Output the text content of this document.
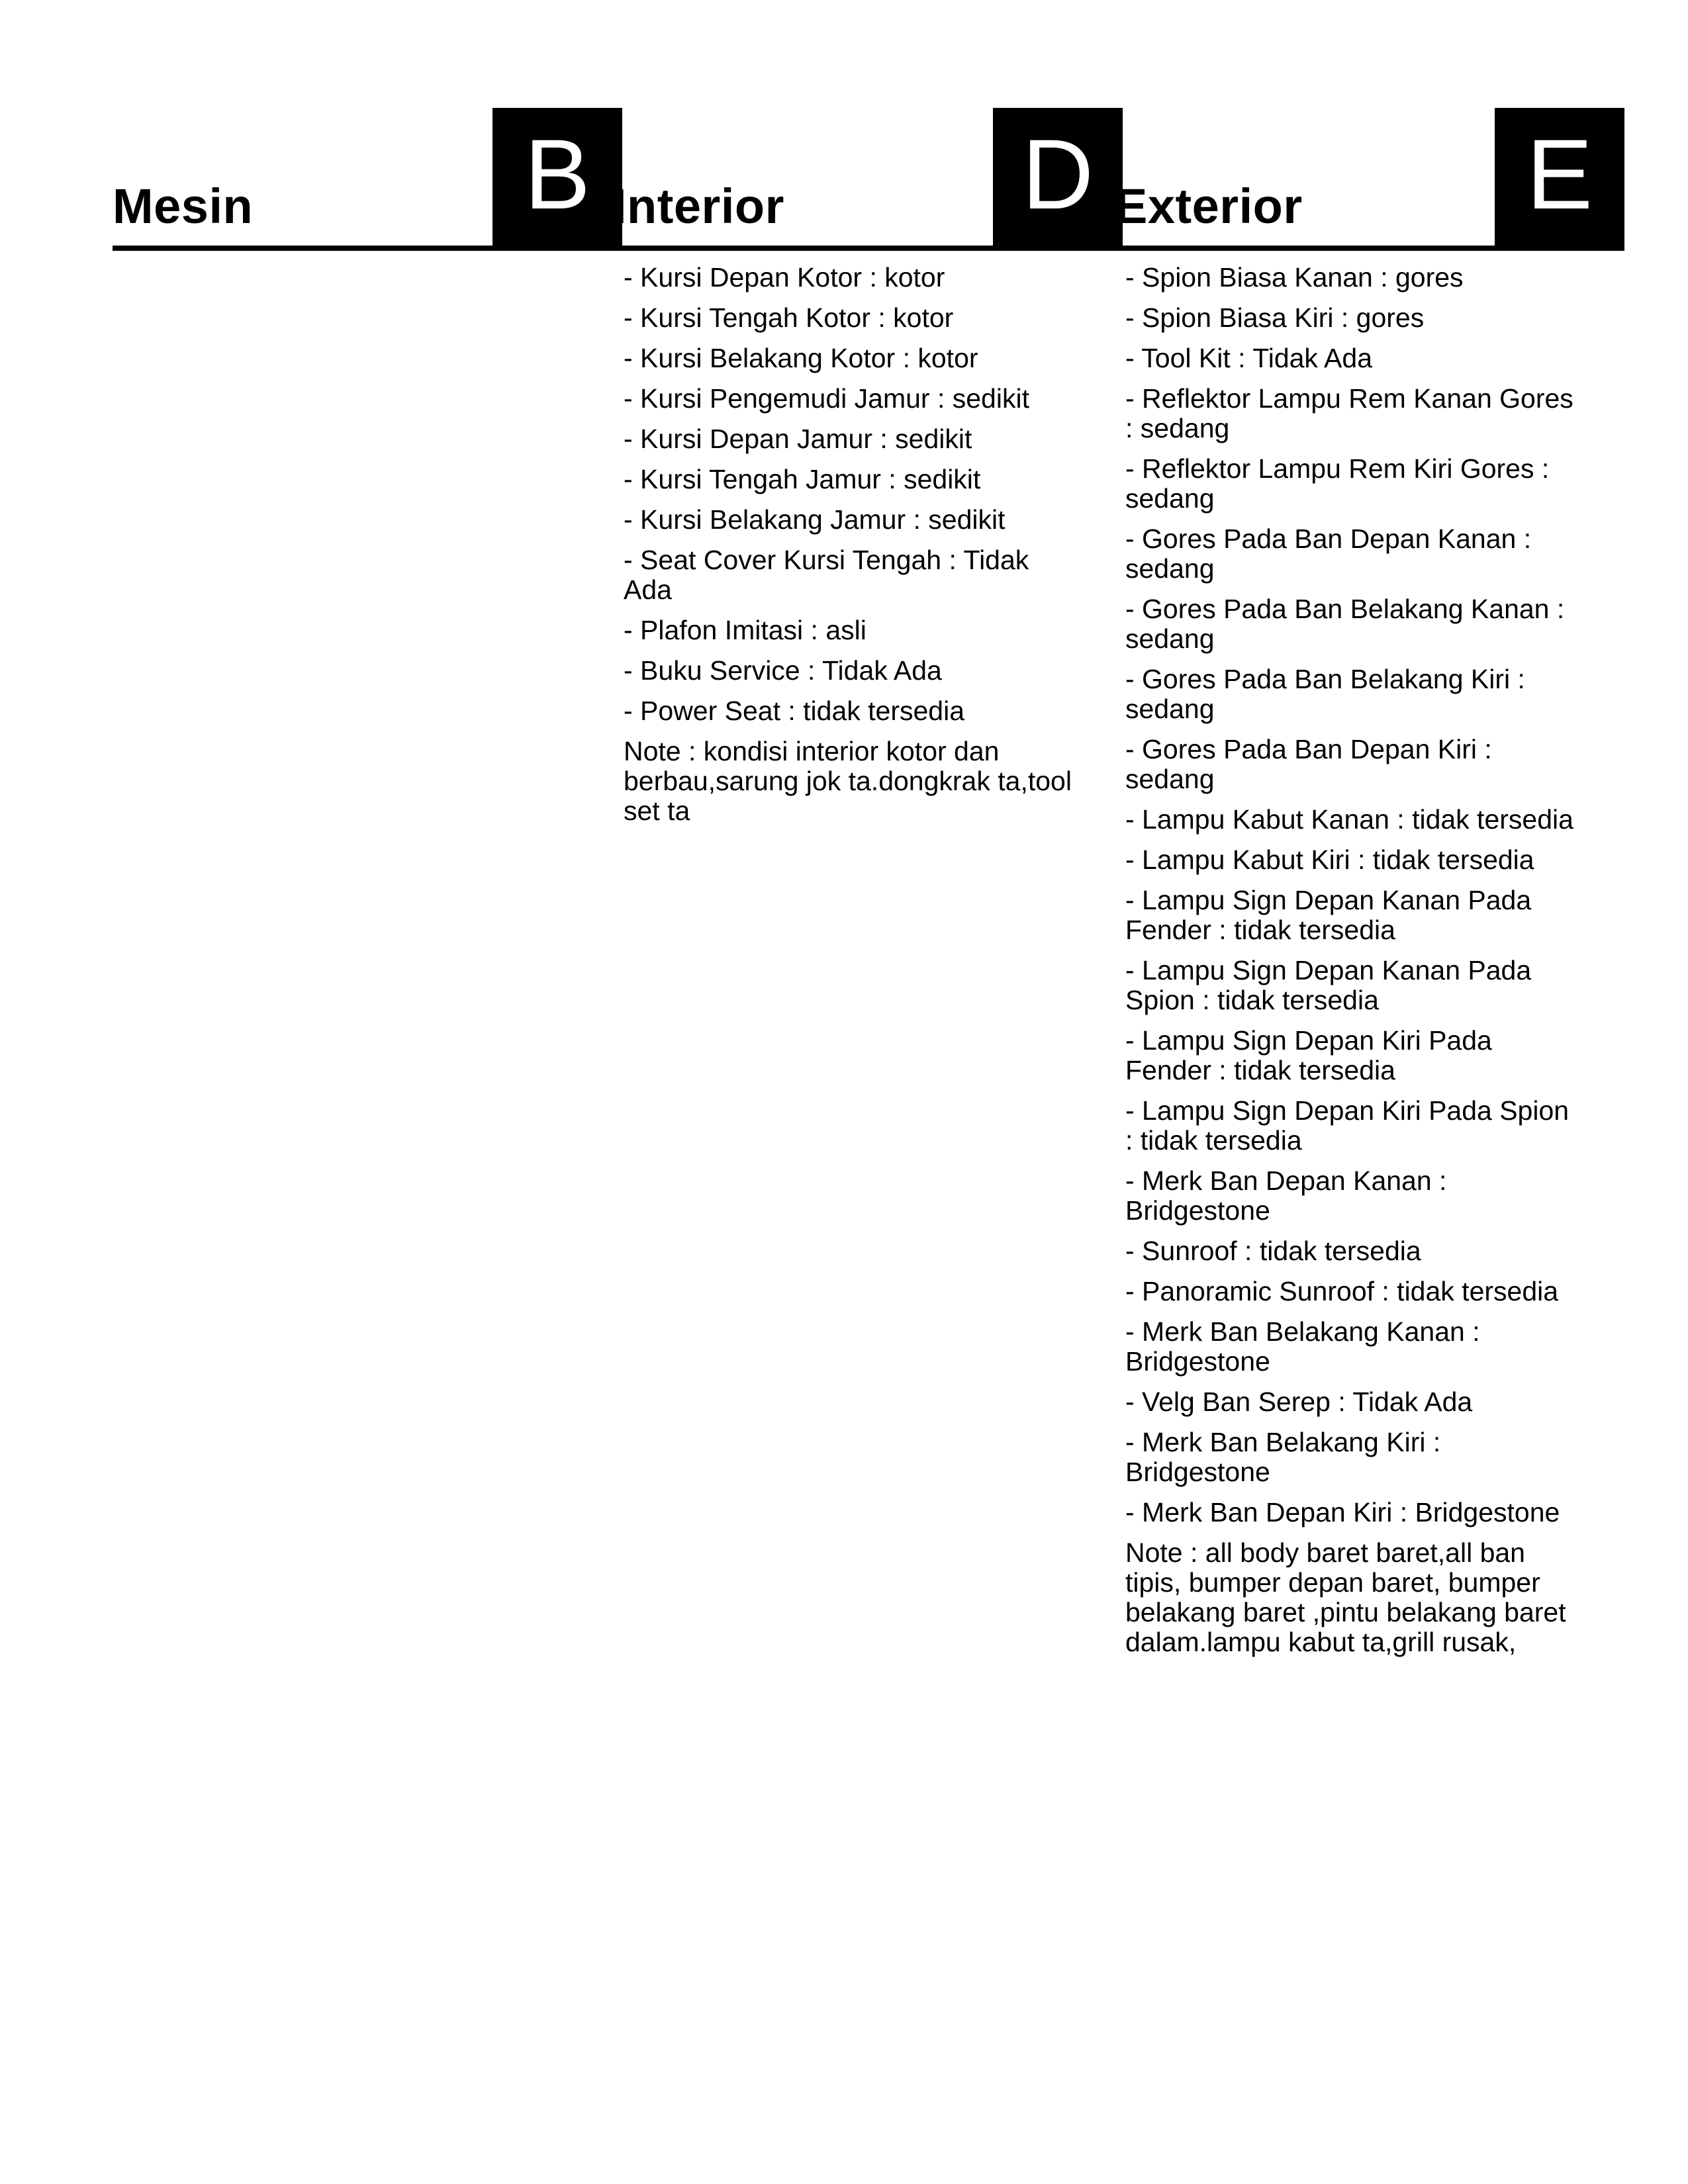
Mesin	B Interior D
- Kursi Depan Kotor : kotor
- Kursi Tengah Kotor : kotor
- Kursi Belakang Kotor : kotor
- Kursi Pengemudi Jamur : sedikit
- Kursi Depan Jamur : sedikit
- Kursi Tengah Jamur : sedikit
- Kursi Belakang Jamur : sedikit
- Seat Cover Kursi Tengah : Tidak Ada
- Plafon Imitasi : asli
- Buku Service : Tidak Ada
- Power Seat : tidak tersedia

Note : kondisi interior kotor dan berbau,sarung jok ta.dongkrak ta,tool set ta

Exterior	E
- Spion Biasa Kanan : gores
- Spion Biasa Kiri : gores
- Tool Kit : Tidak Ada
- Reflektor Lampu Rem Kanan Gores : sedang
- Reflektor Lampu Rem Kiri Gores : sedang
- Gores Pada Ban Depan Kanan : sedang
- Gores Pada Ban Belakang Kanan : sedang
- Gores Pada Ban Belakang Kiri : sedang
- Gores Pada Ban Depan Kiri : sedang
- Lampu Kabut Kanan : tidak tersedia
- Lampu Kabut Kiri : tidak tersedia
- Lampu Sign Depan Kanan Pada Fender : tidak tersedia
- Lampu Sign Depan Kanan Pada Spion : tidak tersedia
- Lampu Sign Depan Kiri Pada Fender : tidak tersedia
- Lampu Sign Depan Kiri Pada Spion : tidak tersedia
- Merk Ban Depan Kanan : Bridgestone
- Sunroof : tidak tersedia
- Panoramic Sunroof : tidak tersedia
- Merk Ban Belakang Kanan : Bridgestone
- Velg Ban Serep : Tidak Ada
- Merk Ban Belakang Kiri : Bridgestone
- Merk Ban Depan Kiri : Bridgestone

Note : all body baret baret,all ban tipis, bumper depan baret, bumper belakang baret ,pintu belakang baret dalam.lampu kabut ta,grill rusak,
